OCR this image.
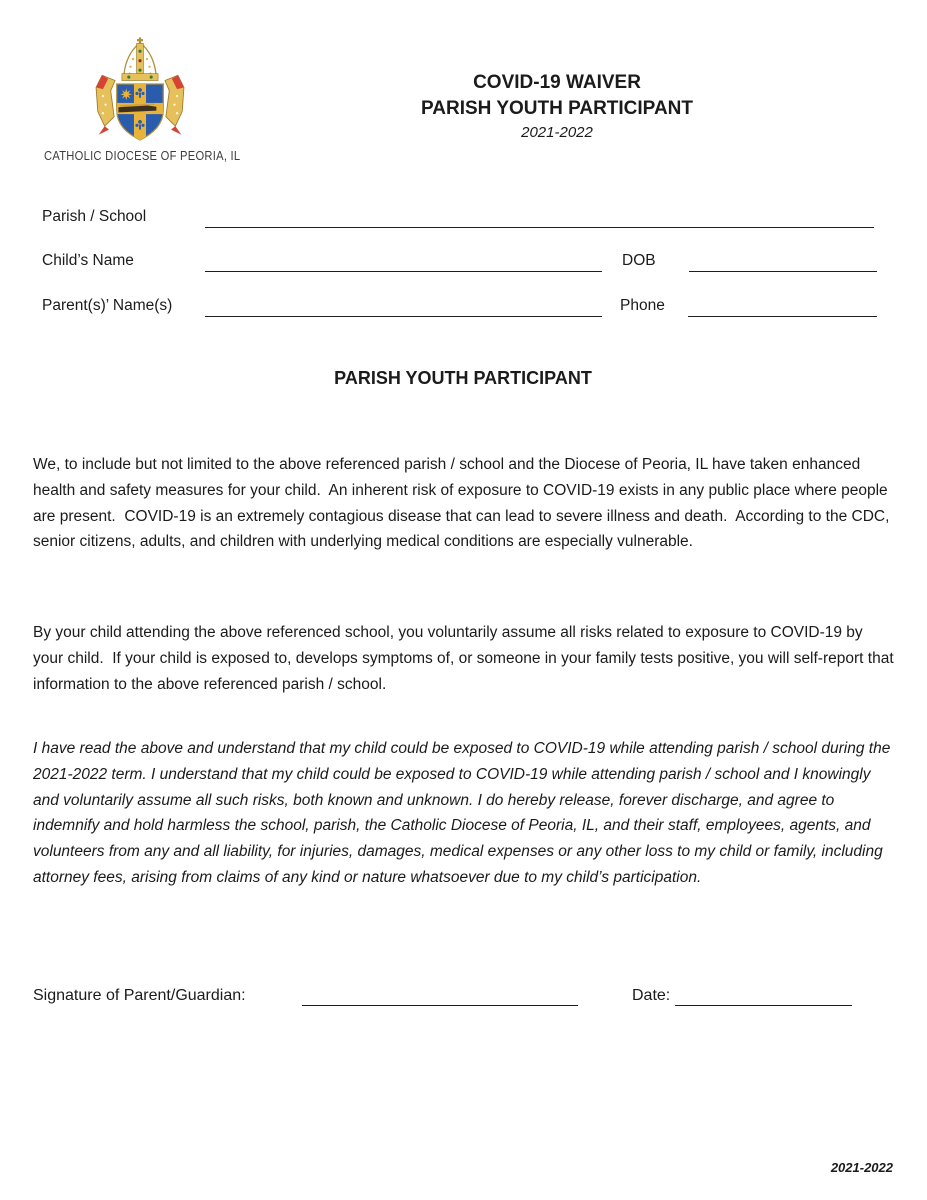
CATHOLIC DIOCESE OF PEORIA, IL
COVID-19 WAIVER
PARISH YOUTH PARTICIPANT
2021-2022
Parish / School
Child’s Name	DOB
Parent(s)’ Name(s)	Phone
PARISH YOUTH PARTICIPANT
We, to include but not limited to the above referenced parish / school and the Diocese of Peoria, IL have taken enhanced health and safety measures for your child.  An inherent risk of exposure to COVID-19 exists in any public place where people are present.  COVID-19 is an extremely contagious disease that can lead to severe illness and death.  According to the CDC, senior citizens, adults, and children with underlying medical conditions are especially vulnerable.
By your child attending the above referenced school, you voluntarily assume all risks related to exposure to COVID-19 by your child.  If your child is exposed to, develops symptoms of, or someone in your family tests positive, you will self-report that information to the above referenced parish / school.
I have read the above and understand that my child could be exposed to COVID-19 while attending parish / school during the 2021-2022 term. I understand that my child could be exposed to COVID-19 while attending parish / school and I knowingly and voluntarily assume all such risks, both known and unknown. I do hereby release, forever discharge, and agree to indemnify and hold harmless the school, parish, the Catholic Diocese of Peoria, IL, and their staff, employees, agents, and volunteers from any and all liability, for injuries, damages, medical expenses or any other loss to my child or family, including attorney fees, arising from claims of any kind or nature whatsoever due to my child’s participation.
Signature of Parent/Guardian:	Date:
2021-2022
